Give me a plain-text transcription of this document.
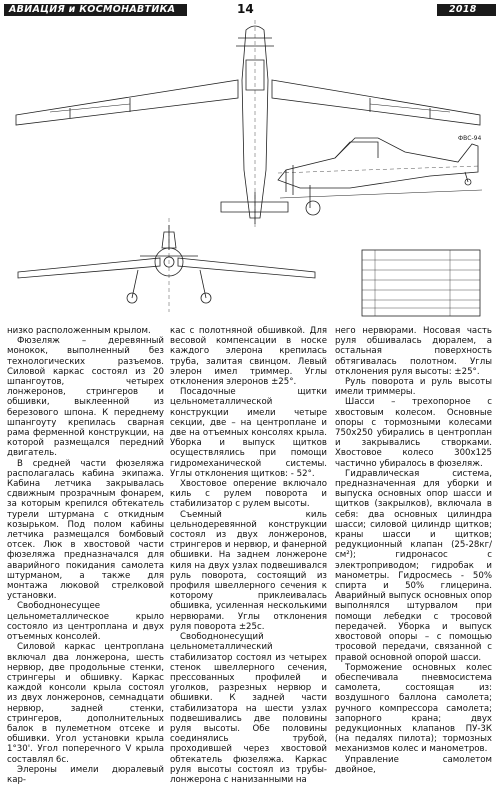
АВИАЦИЯ и КОСМОНАВТИКА	14	2018
ФВС-94

низко расположенным крылом.

Фюзеляж – деревянный монокок, выполненный без технологических разъемов. Силовой каркас состоял из 20 шпангоутов, четырех лонжеронов, стрингеров и обшивки, выклеенной из березового шпона. К переднему шпангоуту крепилась сварная рама ферменной конструкции, на которой размещался передний двигатель.

В средней части фюзеляжа располагалась кабина экипажа. Кабина летчика закрывалась сдвижным прозрачным фонарем, за которым крепился обтекатель турели штурмана с откидным козырьком. Под полом кабины летчика размещался бомбовый отсек. Люк в хвостовой части фюзеляжа предназначался для аварийного покидания самолета штурманом, а также для монтажа люковой стрелковой установки.

Свободнонесущее цельнометаллическое крыло состояло из центроплана и двух отъемных консолей.

Силовой каркас центроплана включал два лонжерона, шесть нервюр, две продольные стенки, стрингеры и обшивку. Каркас каждой консоли крыла состоял из двух лонжеронов, семнадцати нервюр, задней стенки, стрингеров, дополнительных балок в пулеметном отсеке и обшивки. Угол установки крыла 1°30'. Угол поперечного V крыла составлял 6с.

Элероны имели дюралевый кар-

кас с полотняной обшивкой. Для весовой компенсации в носке каждого элерона крепилась труба, залитая свинцом. Левый элерон имел триммер. Углы отклонения элеронов ±25°.

Посадочные щитки цельнометаллической конструкции имели четыре секции, две – на центроплане и две на отъемных консолях крыла. Уборка и выпуск щитков осуществлялись при помощи гидромеханической системы. Углы отклонения щитков: - 52°.

Хвостовое оперение включало киль с рулем поворота и стабилизатор с рулем высоты.

Съемный киль цельнодеревянной конструкции состоял из двух лонжеронов, стрингеров и нервюр, и фанерной обшивки. На заднем лонжероне киля на двух узлах подвешивался руль поворота, состоящий из профиля швеллерного сечения к которому приклеивалась обшивка, усиленная несколькими нервюрами. Углы отклонения руля поворота ±25с.

Свободнонесущий цельнометаллический стабилизатор состоял из четырех стенок швеллерного сечения, прессованных профилей и уголков, разрезных нервюр и обшивки. К задней части стабилизатора на шести узлах подвешивались две половины руля высоты. Обе половины соединялись трубой, проходившей через хвостовой обтекатель фюзеляжа. Каркас руля высоты состоял из трубы-лонжерона с нанизанными на

него нервюрами. Носовая часть руля обшивалась дюралем, а остальная поверхность обтягивалась полотном. Углы отклонения руля высоты: ±25°.

Руль поворота и руль высоты имели триммеры.

Шасси – трехопорное с хвостовым колесом. Основные опоры с тормозными колесами 750х250 убирались в центроплан и закрывались створками. Хвостовое колесо 300х125 частично убиралось в фюзеляж.

Гидравлическая система, предназначенная для уборки и выпуска основных опор шасси и щитков (закрылков), включала в себя: два основных цилиндра шасси; силовой цилиндр щитков; краны шасси и щитков; редукционный клапан (25-28кг/см²); гидронасос с электроприводом; гидробак и манометры. Гидросмесь - 50% спирта и 50% глицерина. Аварийный выпуск основных опор выполнялся штурвалом при помощи лебедки с тросовой передачей. Уборка и выпуск хвостовой опоры – с помощью тросовой передачи, связанной с правой основной опорой шасси.

Торможение основных колес обеспечивала пневмосистема самолета, состоящая из: воздушного баллона самолета; ручного компрессора самолета; запорного крана; двух редукционных клапанов ПУ-3К (на педалях пилота); тормозных механизмов колес и манометров.

Управление самолетом двойное,
